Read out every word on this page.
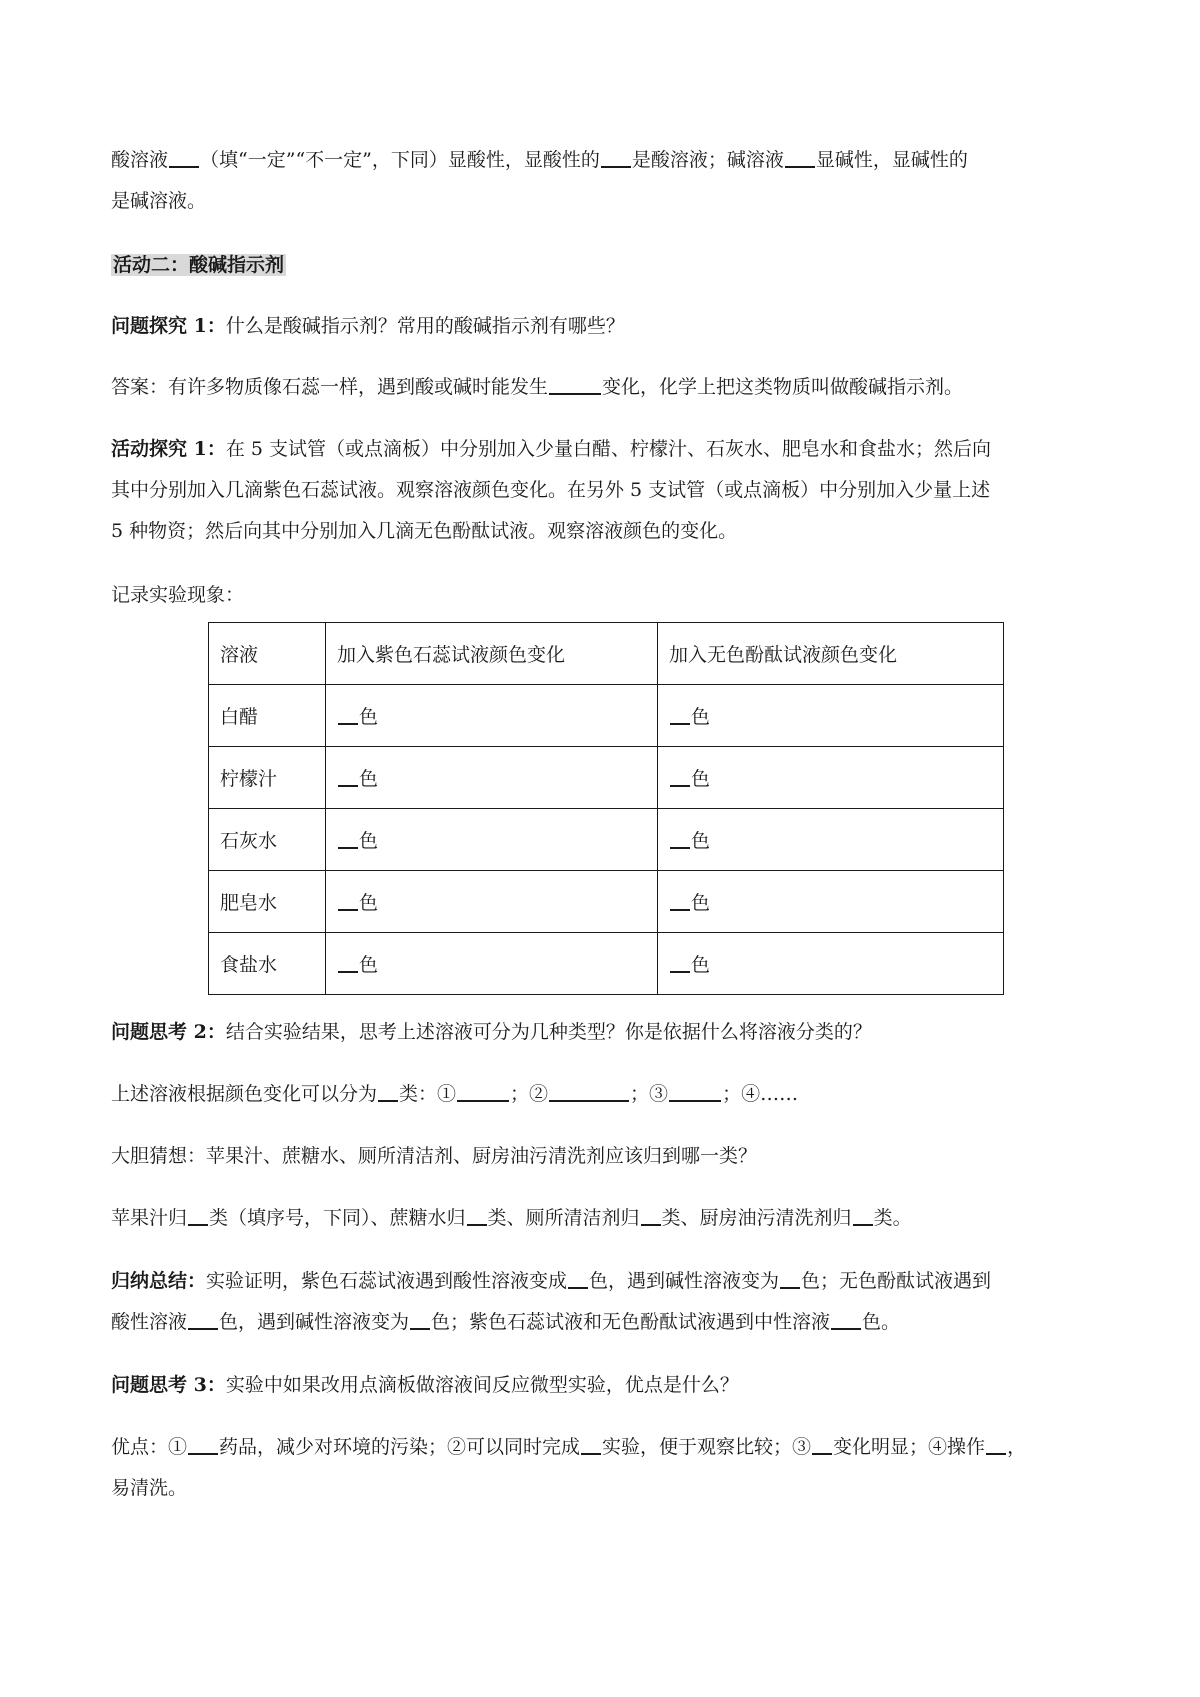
酸溶液 （填“一定”“不一定”，下同）显酸性，显酸性的 是酸溶液；碱溶液 显碱性，显碱性的
是碱溶液。
活动二：酸碱指示剂
问题探究 1：什么是酸碱指示剂？常用的酸碱指示剂有哪些？
答案：有许多物质像石蕊一样，遇到酸或碱时能发生	变化，化学上把这类物质叫做酸碱指示剂。
活动探究 1：在 5 支试管（或点滴板）中分别加入少量白醋、柠檬汁、石灰水、肥皂水和食盐水；然后向
其中分别加入几滴紫色石蕊试液。观察溶液颜色变化。在另外 5 支试管（或点滴板）中分别加入少量上述
5 种物资；然后向其中分别加入几滴无色酚酞试液。观察溶液颜色的变化。
记录实验现象：
溶液	加入紫色石蕊试液颜色变化	加入无色酚酞试液颜色变化
白醋	色	色
柠檬汁	色	色
石灰水	色	色
肥皂水	色	色
食盐水	色	色
问题思考 2：结合实验结果，思考上述溶液可分为几种类型？你是依据什么将溶液分类的？
上述溶液根据颜色变化可以分为 类：①	；②	；③	；④……
大胆猜想：苹果汁、蔗糖水、厕所清洁剂、厨房油污清洗剂应该归到哪一类？
苹果汁归 类（填序号，下同）、蔗糖水归 类、厕所清洁剂归 类、厨房油污清洗剂归 类。
归纳总结：实验证明，紫色石蕊试液遇到酸性溶液变成 色，遇到碱性溶液变为 色；无色酚酞试液遇到
酸性溶液 色，遇到碱性溶液变为 色；紫色石蕊试液和无色酚酞试液遇到中性溶液 色。
问题思考 3：实验中如果改用点滴板做溶液间反应微型实验，优点是什么？
优点：① 药品，减少对环境的污染；②可以同时完成 实验，便于观察比较；③ 变化明显；④操作 ，
易清洗。
